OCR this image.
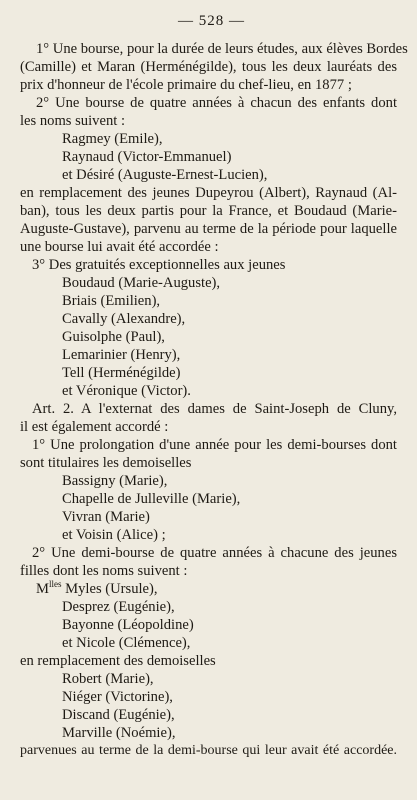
— 528 —
1° Une bourse, pour la durée de leurs études, aux élèves Bordes
(Camille) et Maran (Herménégilde), tous les deux lauréats des
prix d'honneur de l'école primaire du chef-lieu, en 1877 ;
2° Une bourse de quatre années à chacun des enfants dont
les noms suivent :
Ragmey (Emile),
Raynaud (Victor-Emmanuel)
et Désiré (Auguste-Ernest-Lucien),
en remplacement des jeunes Dupeyrou (Albert), Raynaud (Al-
ban), tous les deux partis pour la France, et Boudaud (Marie-
Auguste-Gustave), parvenu au terme de la période pour laquelle
une bourse lui avait été accordée :
3° Des gratuités exceptionnelles aux jeunes
Boudaud (Marie-Auguste),
Briais (Emilien),
Cavally (Alexandre),
Guisolphe (Paul),
Lemarinier (Henry),
Tell (Herménégilde)
et Véronique (Victor).
Art. 2. A l'externat des dames de Saint-Joseph de Cluny,
il est également accordé :
1° Une prolongation d'une année pour les demi-bourses dont
sont titulaires les demoiselles
Bassigny (Marie),
Chapelle de Julleville (Marie),
Vivran (Marie)
et Voisin (Alice) ;
2° Une demi-bourse de quatre années à chacune des jeunes
filles dont les noms suivent :
$M^{lles}$ Myles (Ursule),
Desprez (Eugénie),
Bayonne (Léopoldine)
et Nicole (Clémence),
en remplacement des demoiselles
Robert (Marie),
Niéger (Victorine),
Discand (Eugénie),
Marville (Noémie),
parvenues au terme de la demi-bourse qui leur avait été accordée.
